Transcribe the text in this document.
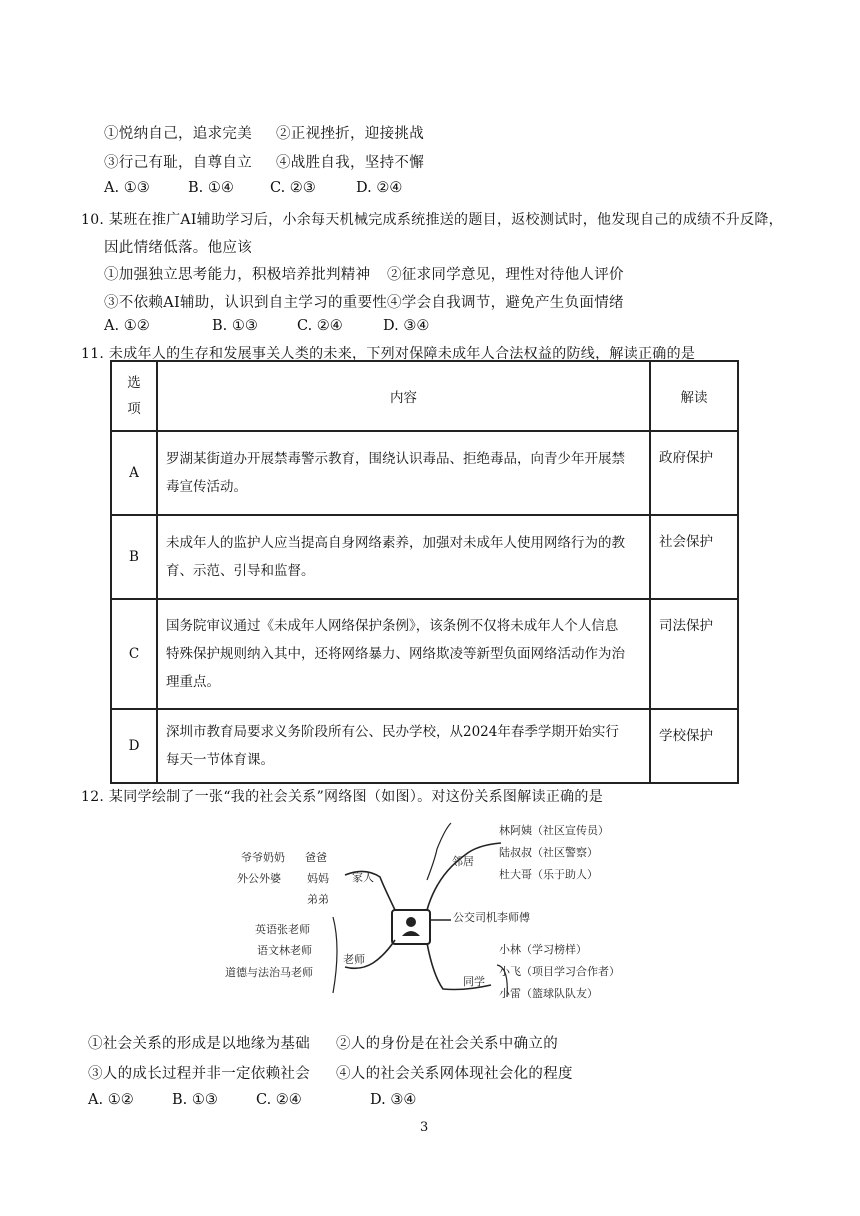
①悦纳自己，追求完美 ②正视挫折，迎接挑战
③行己有耻，自尊自立 ④战胜自我，坚持不懈
A. ①③	B. ①④ C. ②③	D. ②④
10. 某班在推广AI辅助学习后，小余每天机械完成系统推送的题目，返校测试时，他发现自己的成绩不升反降，
因此情绪低落。他应该
①加强独立思考能力，积极培养批判精神 ②征求同学意见，理性对待他人评价
③不依赖AI辅助，认识到自主学习的重要性 ④学会自我调节，避免产生负面情绪
A. ①②	B. ①③	C. ②④	D. ③④
11. 未成年人的生存和发展事关人类的未来，下列对保障未成年人合法权益的防线，解读正确的是
选项	内容	解读
A	罗湖某街道办开展禁毒警示教育，围绕认识毒品、拒绝毒品，向青少年开展禁
毒宣传活动。	政府保护
B	未成年人的监护人应当提高自身网络素养，加强对未成年人使用网络行为的教
育、示范、引导和监督。	社会保护
C	国务院审议通过《未成年人网络保护条例》，该条例不仅将未成年人个人信息
特殊保护规则纳入其中，还将网络暴力、网络欺凌等新型负面网络活动作为治
理重点。	司法保护
D	深圳市教育局要求义务阶段所有公、民办学校，从2024年春季学期开始实行
每天一节体育课。	学校保护
12. 某同学绘制了一张“我的社会关系”网络图（如图）。对这份关系图解读正确的是
爷爷奶奶 爸爸
外公外婆 妈妈
弟弟
家人
邻居
林阿姨（社区宣传员）
陆叔叔（社区警察）
杜大哥（乐于助人）
公交司机李师傅
英语张老师
语文林老师
道德与法治马老师
老师
同学
小林（学习榜样）
小飞（项目学习合作者）
小雷（篮球队队友）
①社会关系的形成是以地缘为基础 ②人的身份是在社会关系中确立的
③人的成长过程并非一定依赖社会 ④人的社会关系网体现社会化的程度
A. ①②	B. ①③	C. ②④	D. ③④
3
